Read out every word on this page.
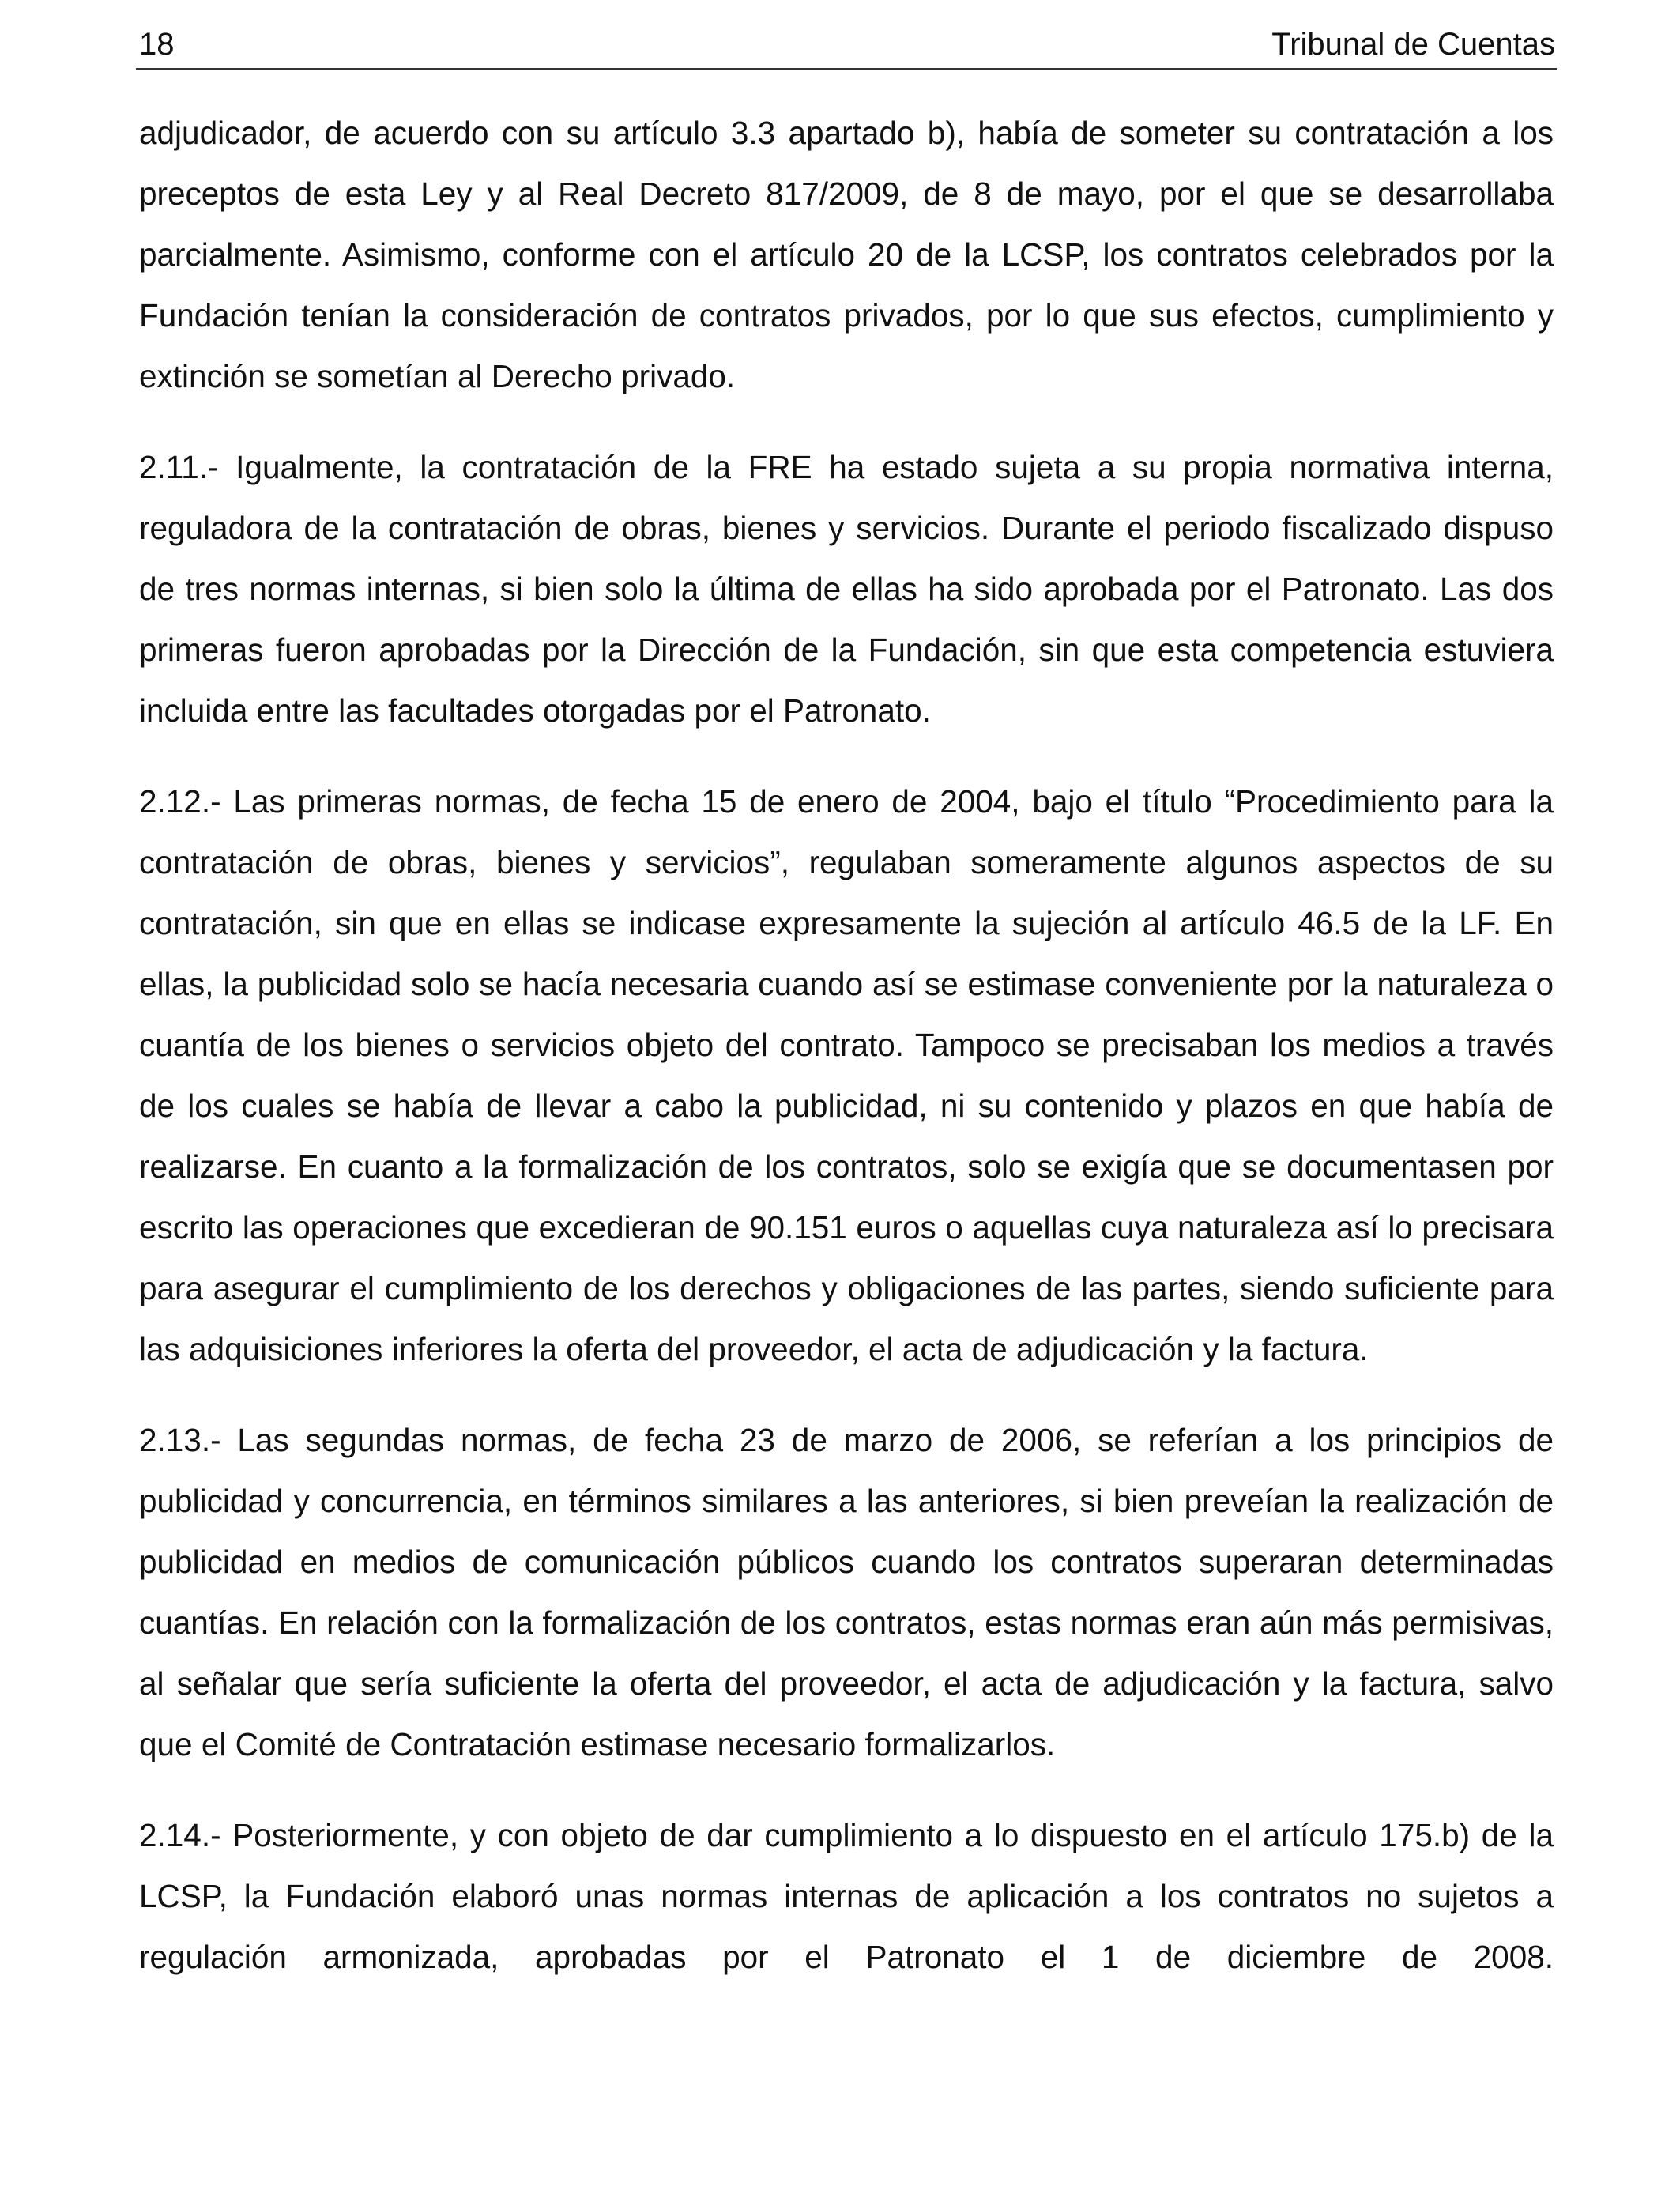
18	Tribunal de Cuentas

adjudicador, de acuerdo con su artículo 3.3 apartado b), había de someter su contratación a los preceptos de esta Ley y al Real Decreto 817/2009, de 8 de mayo, por el que se desarrollaba parcialmente. Asimismo, conforme con el artículo 20 de la LCSP, los contratos celebrados por la Fundación tenían la consideración de contratos privados, por lo que sus efectos, cumplimiento y extinción se sometían al Derecho privado.

2.11.- Igualmente, la contratación de la FRE ha estado sujeta a su propia normativa interna, reguladora de la contratación de obras, bienes y servicios. Durante el periodo fiscalizado dispuso de tres normas internas, si bien solo la última de ellas ha sido aprobada por el Patronato. Las dos primeras fueron aprobadas por la Dirección de la Fundación, sin que esta competencia estuviera incluida entre las facultades otorgadas por el Patronato.

2.12.- Las primeras normas, de fecha 15 de enero de 2004, bajo el título “Procedimiento para la contratación de obras, bienes y servicios”, regulaban someramente algunos aspectos de su contratación, sin que en ellas se indicase expresamente la sujeción al artículo 46.5 de la LF. En ellas, la publicidad solo se hacía necesaria cuando así se estimase conveniente por la naturaleza o cuantía de los bienes o servicios objeto del contrato. Tampoco se precisaban los medios a través de los cuales se había de llevar a cabo la publicidad, ni su contenido y plazos en que había de realizarse. En cuanto a la formalización de los contratos, solo se exigía que se documentasen por escrito las operaciones que excedieran de 90.151 euros o aquellas cuya naturaleza así lo precisara para asegurar el cumplimiento de los derechos y obligaciones de las partes, siendo suficiente para las adquisiciones inferiores la oferta del proveedor, el acta de adjudicación y la factura.

2.13.- Las segundas normas, de fecha 23 de marzo de 2006, se referían a los principios de publicidad y concurrencia, en términos similares a las anteriores, si bien preveían la realización de publicidad en medios de comunicación públicos cuando los contratos superaran determinadas cuantías. En relación con la formalización de los contratos, estas normas eran aún más permisivas, al señalar que sería suficiente la oferta del proveedor, el acta de adjudicación y la factura, salvo que el Comité de Contratación estimase necesario formalizarlos.

2.14.- Posteriormente, y con objeto de dar cumplimiento a lo dispuesto en el artículo 175.b) de la LCSP, la Fundación elaboró unas normas internas de aplicación a los contratos no sujetos a regulación armonizada, aprobadas por el Patronato el 1 de diciembre de 2008.
